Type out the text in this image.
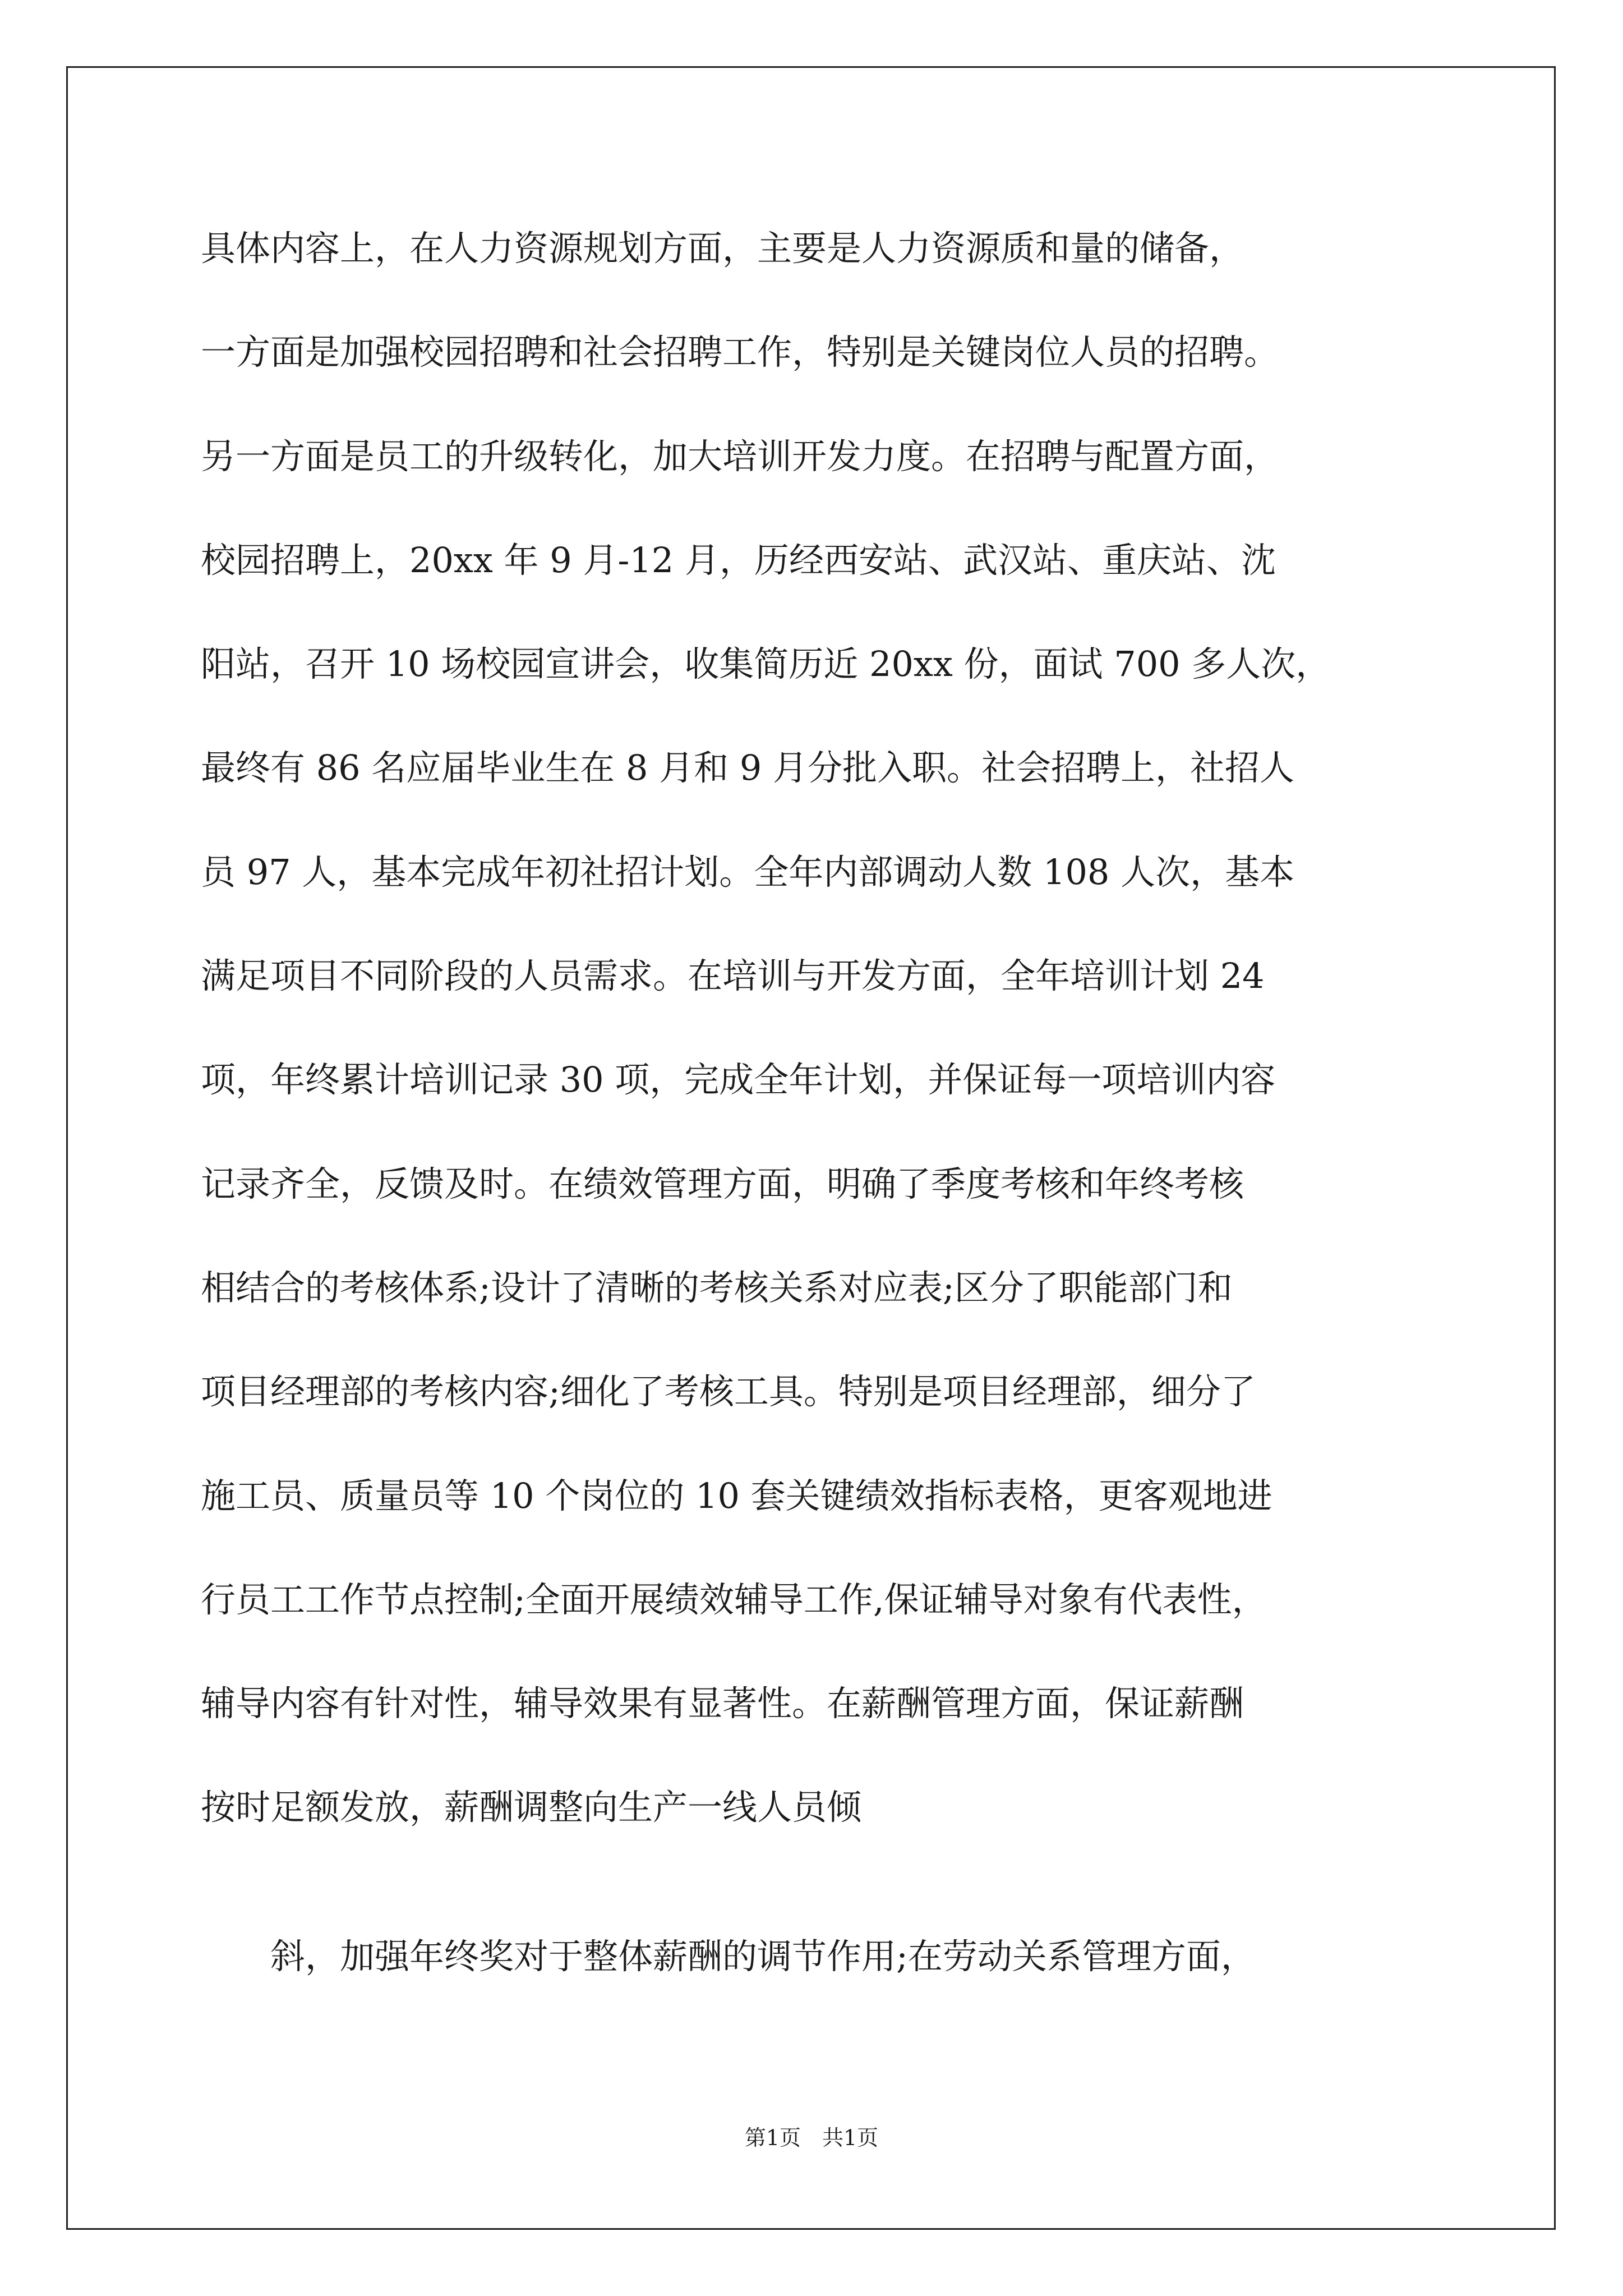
具体内容上，在人力资源规划方面，主要是人力资源质和量的储备，
一方面是加强校园招聘和社会招聘工作，特别是关键岗位人员的招聘。
另一方面是员工的升级转化，加大培训开发力度。在招聘与配置方面，
校园招聘上，20xx 年 9 月-12 月，历经西安站、武汉站、重庆站、沈
阳站，召开 10 场校园宣讲会，收集简历近 20xx 份，面试 700 多人次，
最终有 86 名应届毕业生在 8 月和 9 月分批入职。社会招聘上，社招人
员 97 人，基本完成年初社招计划。全年内部调动人数 108 人次，基本
满足项目不同阶段的人员需求。在培训与开发方面，全年培训计划 24
项，年终累计培训记录 30 项，完成全年计划，并保证每一项培训内容
记录齐全，反馈及时。在绩效管理方面，明确了季度考核和年终考核
相结合的考核体系;设计了清晰的考核关系对应表;区分了职能部门和
项目经理部的考核内容;细化了考核工具。特别是项目经理部，细分了
施工员、质量员等 10 个岗位的 10 套关键绩效指标表格，更客观地进
行员工工作节点控制;全面开展绩效辅导工作,保证辅导对象有代表性，
辅导内容有针对性，辅导效果有显著性。在薪酬管理方面，保证薪酬
按时足额发放，薪酬调整向生产一线人员倾
斜，加强年终奖对于整体薪酬的调节作用;在劳动关系管理方面，
第1页　共1页
